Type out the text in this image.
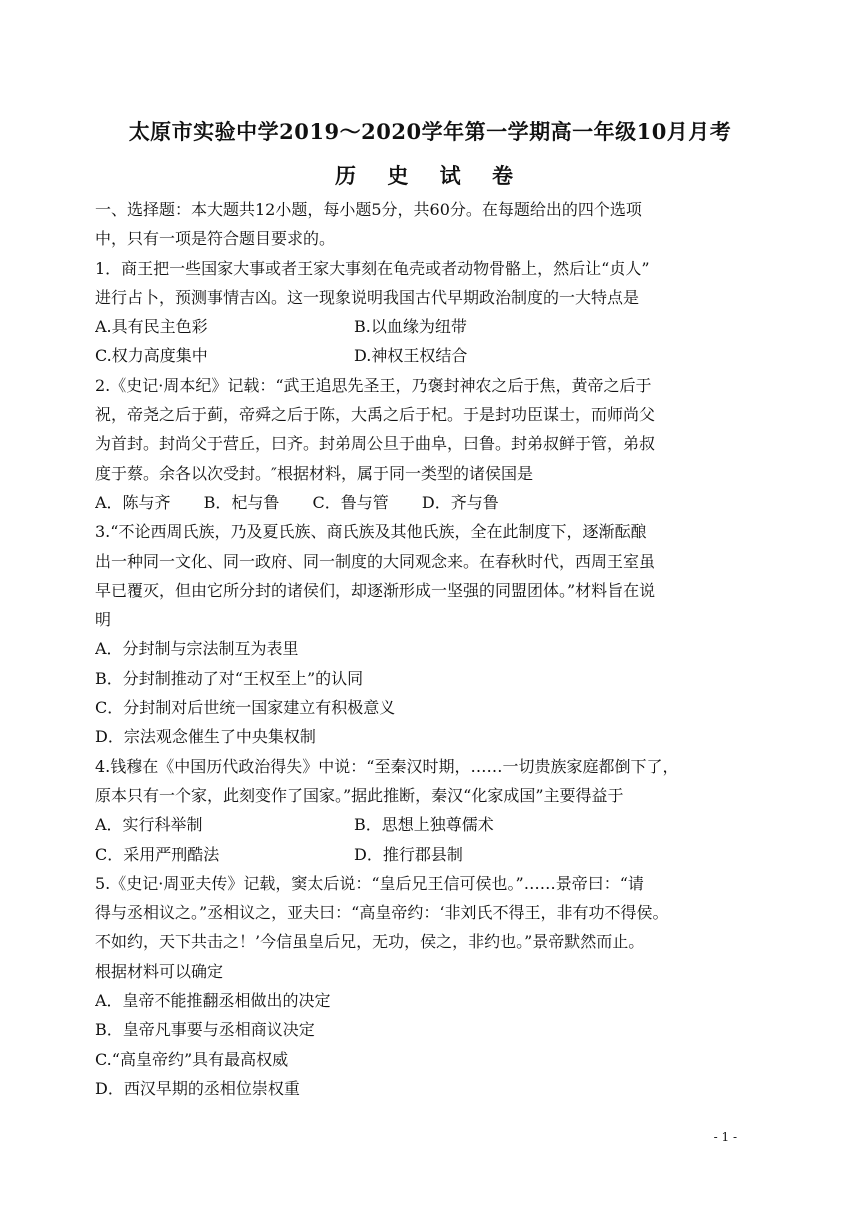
太原市实验中学2019～2020学年第一学期高一年级10月月考
历 史 试 卷
一、选择题：本大题共12小题，每小题5分，共60分。在每题给出的四个选项
中，只有一项是符合题目要求的。
1．商王把一些国家大事或者王家大事刻在龟壳或者动物骨骼上，然后让“贞人”
进行占卜，预测事情吉凶。这一现象说明我国古代早期政治制度的一大特点是
A.具有民主色彩	B.以血缘为纽带
C.权力高度集中	D.神权王权结合
2.《史记·周本纪》记载：“武王追思先圣王，乃褒封神农之后于焦，黄帝之后于
祝，帝尧之后于蓟，帝舜之后于陈，大禹之后于杞。于是封功臣谋士，而师尚父
为首封。封尚父于营丘，曰齐。封弟周公旦于曲阜，曰鲁。封弟叔鲜于管，弟叔
度于蔡。余各以次受封。″根据材料，属于同一类型的诸侯国是
A．陈与齐 B．杞与鲁 C．鲁与管 D．齐与鲁
3.“不论西周氏族，乃及夏氏族、商氏族及其他氏族，全在此制度下，逐渐酝酿
出一种同一文化、同一政府、同一制度的大同观念来。在春秋时代，西周王室虽
早已覆灭，但由它所分封的诸侯们，却逐渐形成一坚强的同盟团体。”材料旨在说
明
A．分封制与宗法制互为表里
B．分封制推动了对“王权至上”的认同
C．分封制对后世统一国家建立有积极意义
D．宗法观念催生了中央集权制
4.钱穆在《中国历代政治得失》中说：“至秦汉时期，……一切贵族家庭都倒下了，
原本只有一个家，此刻变作了国家。”据此推断，秦汉“化家成国”主要得益于
A．实行科举制	B．思想上独尊儒术
C．采用严刑酷法	D．推行郡县制
5.《史记·周亚夫传》记载，窦太后说：“皇后兄王信可侯也。”……景帝曰：“请
得与丞相议之。”丞相议之，亚夫曰：“高皇帝约：‘非刘氏不得王，非有功不得侯。
不如约，天下共击之！’今信虽皇后兄，无功，侯之，非约也。”景帝默然而止。
根据材料可以确定
A．皇帝不能推翻丞相做出的决定
B．皇帝凡事要与丞相商议决定
C.“高皇帝约”具有最高权威
D．西汉早期的丞相位崇权重
- 1 -
